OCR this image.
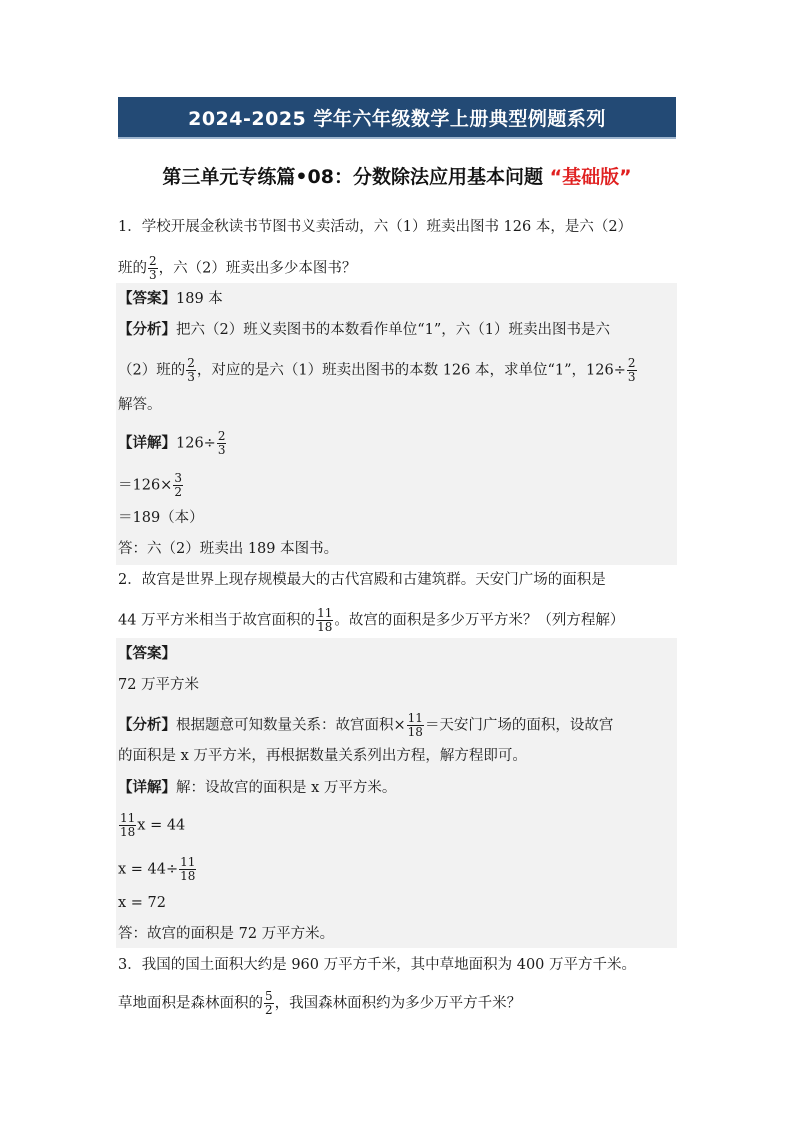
2024-2025 学年六年级数学上册典型例题系列
第三单元专练篇•08：分数除法应用基本问题 “基础版”
1．学校开展金秋读书节图书义卖活动，六（1）班卖出图书 126 本，是六（2）
班的 $\frac{2}{3}$ ，六（2）班卖出多少本图书？
【答案】189 本
【分析】把六（2）班义卖图书的本数看作单位“1”，六（1）班卖出图书是六
（2）班的 $\frac{2}{3}$ ，对应的是六（1）班卖出图书的本数 126 本，求单位“1”，$126\div \frac{2}{3}$
解答。
【详解】$126\div \frac{2}{3}$
$=126\times \frac{3}{2}$
＝189（本）
答：六（2）班卖出 189 本图书。
2．故宫是世界上现存规模最大的古代宫殿和古建筑群。天安门广场的面积是
44 万平方米相当于故宫面积的 $\frac{11}{18}$ 。故宫的面积是多少万平方米？（列方程解）
【答案】
72 万平方米
【分析】根据题意可知数量关系：故宫面积× $\frac{11}{18}$ ＝天安门广场的面积，设故宫
的面积是 x 万平方米，再根据数量关系列出方程，解方程即可。
【详解】解：设故宫的面积是 x 万平方米。
$\frac{11}{18}$ x = 44
$x = 44\div \frac{11}{18}$
x = 72
答：故宫的面积是 72 万平方米。
3．我国的国土面积大约是 960 万平方千米，其中草地面积为 400 万平方千米。
草地面积是森林面积的 $\frac{5}{2}$ ，我国森林面积约为多少万平方千米？
